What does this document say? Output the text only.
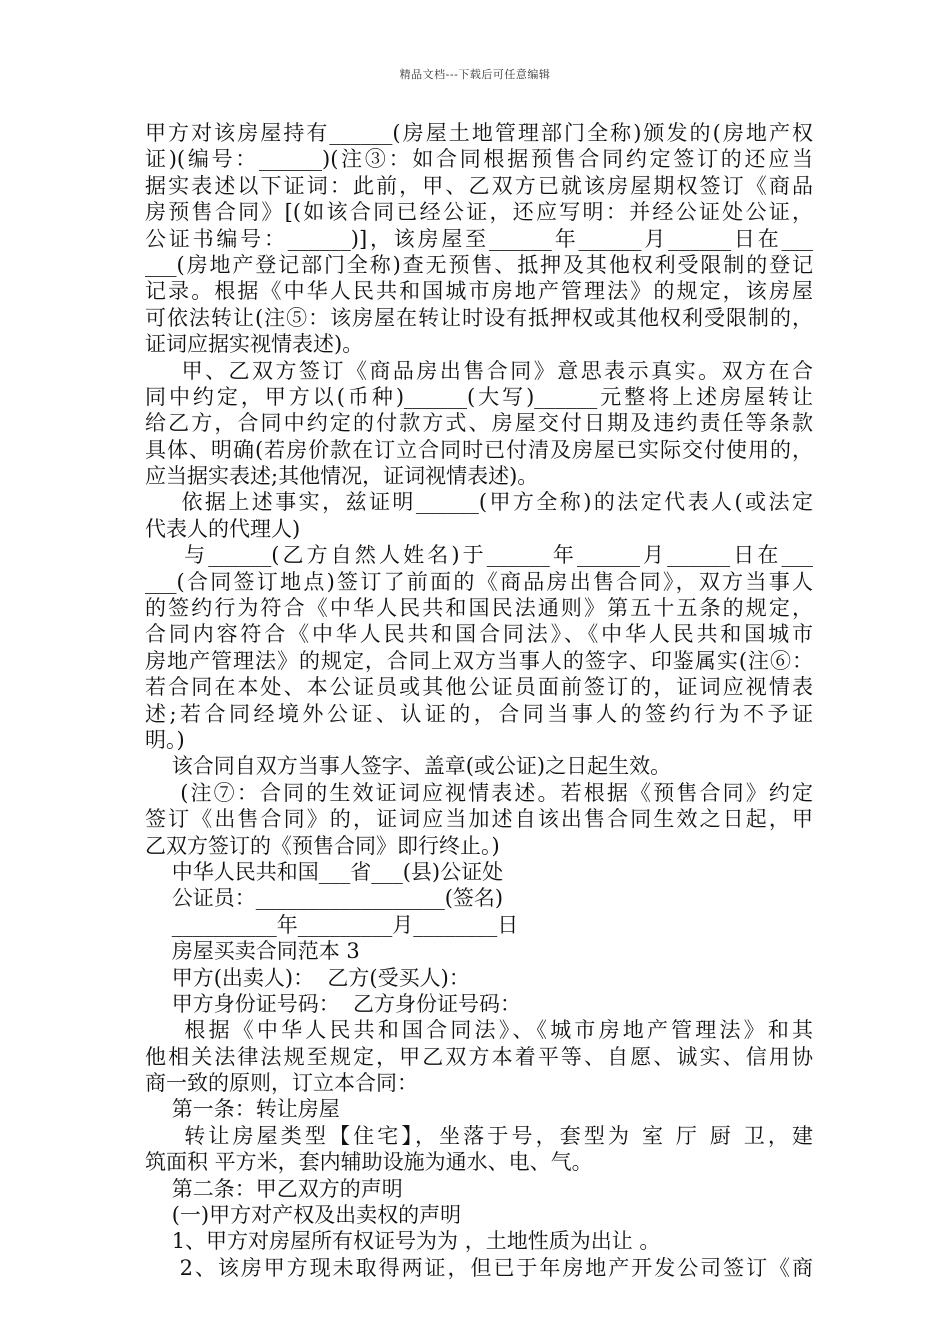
精品文档---下载后可任意编辑
甲方对该房屋持有______(房屋土地管理部门全称)颁发的(房地产权
证)(编号：______)(注③：如合同根据预售合同约定签订的还应当
据实表述以下证词：此前，甲、乙双方已就该房屋期权签订《商品
房预售合同》[(如该合同已经公证，还应写明：并经公证处公证，
公证书编号：______)]，该房屋至______年______月______日在___
___(房地产登记部门全称)查无预售、抵押及其他权利受限制的登记
记录。根据《中华人民共和国城市房地产管理法》的规定，该房屋
可依法转让(注⑤：该房屋在转让时设有抵押权或其他权利受限制的，
证词应据实视情表述)。
甲、乙双方签订《商品房出售合同》意思表示真实。双方在合
同中约定，甲方以(币种)______(大写)______元整将上述房屋转让
给乙方，合同中约定的付款方式、房屋交付日期及违约责任等条款
具体、明确(若房价款在订立合同时已付清及房屋已实际交付使用的，
应当据实表述;其他情况，证词视情表述)。
依据上述事实，兹证明______(甲方全称)的法定代表人(或法定
代表人的代理人)
与______(乙方自然人姓名)于______年______月______日在___
___(合同签订地点)签订了前面的《商品房出售合同》，双方当事人
的签约行为符合《中华人民共和国民法通则》第五十五条的规定，
合同内容符合《中华人民共和国合同法》、《中华人民共和国城市
房地产管理法》的规定，合同上双方当事人的签字、印鉴属实(注⑥：
若合同在本处、本公证员或其他公证员面前签订的，证词应视情表
述;若合同经境外公证、认证的，合同当事人的签约行为不予证
明。)
该合同自双方当事人签字、盖章(或公证)之日起生效。
(注⑦：合同的生效证词应视情表述。若根据《预售合同》约定
签订《出售合同》的，证词应当加述自该出售合同生效之日起，甲
乙双方签订的《预售合同》即行终止。)
中华人民共和国___省___(县)公证处
公证员：__________________(签名)
__________年_________月________日
房屋买卖合同范本 3
甲方(出卖人)：  乙方(受买人)：
甲方身份证号码：  乙方身份证号码：
根据《中华人民共和国合同法》、《城市房地产管理法》和其
他相关法律法规至规定，甲乙双方本着平等、自愿、诚实、信用协
商一致的原则，订立本合同：
第一条：转让房屋
转让房屋类型【住宅】，坐落于号，套型为 室 厅 厨 卫，建
筑面积 平方米，套内辅助设施为通水、电、气。
第二条：甲乙双方的声明
(一)甲方对产权及出卖权的声明
1、甲方对房屋所有权证号为为 ，土地性质为出让 。
2、该房甲方现未取得两证，但已于年房地产开发公司签订《商
